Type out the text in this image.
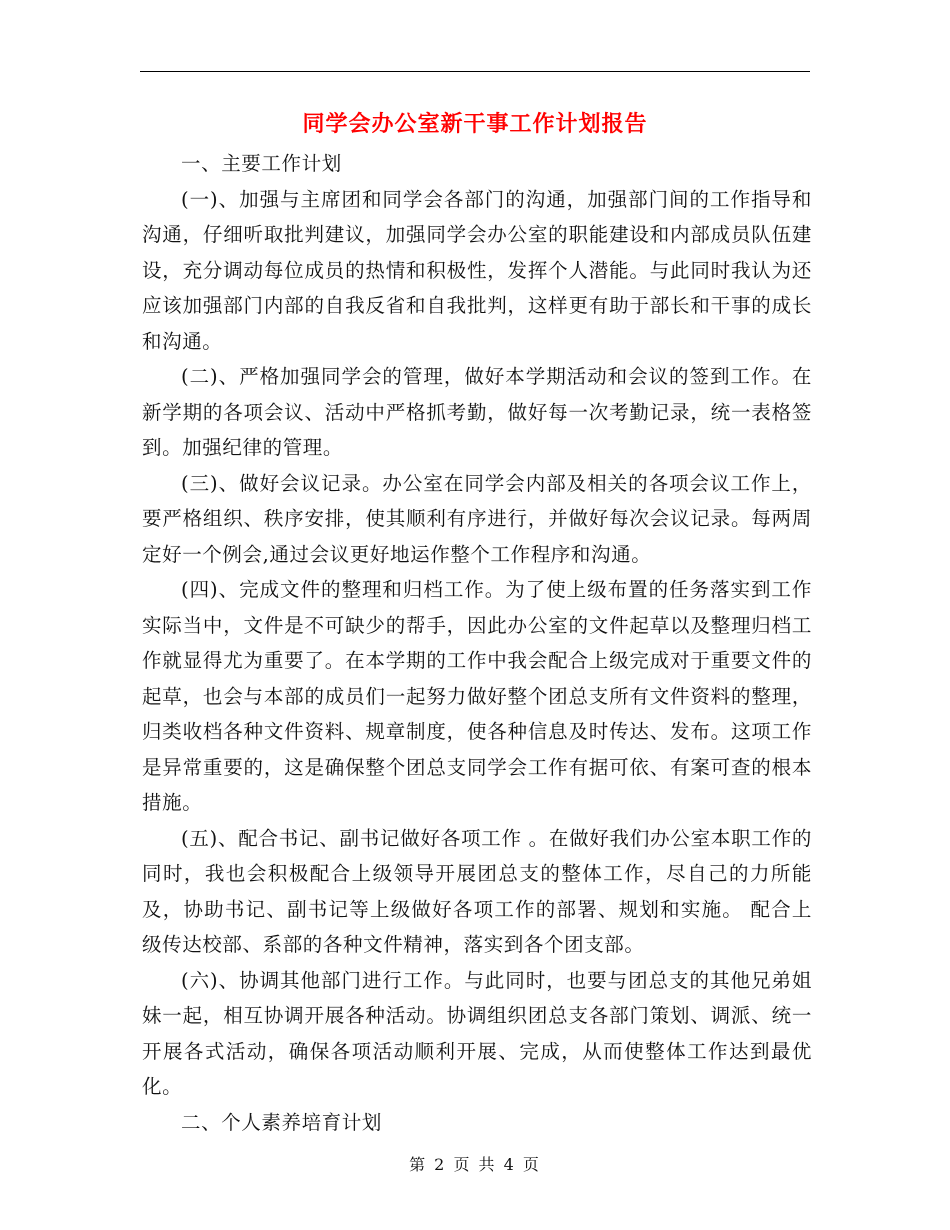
同学会办公室新干事工作计划报告

一、主要工作计划

(一)、加强与主席团和同学会各部门的沟通，加强部门间的工作指导和沟通，仔细听取批判建议，加强同学会办公室的职能建设和内部成员队伍建设，充分调动每位成员的热情和积极性，发挥个人潜能。与此同时我认为还应该加强部门内部的自我反省和自我批判，这样更有助于部长和干事的成长和沟通。

(二)、严格加强同学会的管理，做好本学期活动和会议的签到工作。在新学期的各项会议、活动中严格抓考勤，做好每一次考勤记录，统一表格签到。加强纪律的管理。

(三)、做好会议记录。办公室在同学会内部及相关的各项会议工作上，要严格组织、秩序安排，使其顺利有序进行，并做好每次会议记录。每两周定好一个例会,通过会议更好地运作整个工作程序和沟通。

(四)、完成文件的整理和归档工作。为了使上级布置的任务落实到工作实际当中，文件是不可缺少的帮手，因此办公室的文件起草以及整理归档工作就显得尤为重要了。在本学期的工作中我会配合上级完成对于重要文件的起草，也会与本部的成员们一起努力做好整个团总支所有文件资料的整理，归类收档各种文件资料、规章制度，使各种信息及时传达、发布。这项工作是异常重要的，这是确保整个团总支同学会工作有据可依、有案可查的根本措施。

(五)、配合书记、副书记做好各项工作 。在做好我们办公室本职工作的同时，我也会积极配合上级领导开展团总支的整体工作，尽自己的力所能及，协助书记、副书记等上级做好各项工作的部署、规划和实施。 配合上级传达校部、系部的各种文件精神，落实到各个团支部。

(六)、协调其他部门进行工作。与此同时，也要与团总支的其他兄弟姐妹一起，相互协调开展各种活动。协调组织团总支各部门策划、调派、统一开展各式活动，确保各项活动顺利开展、完成，从而使整体工作达到最优化。

二、个人素养培育计划

第 2 页 共 4 页
